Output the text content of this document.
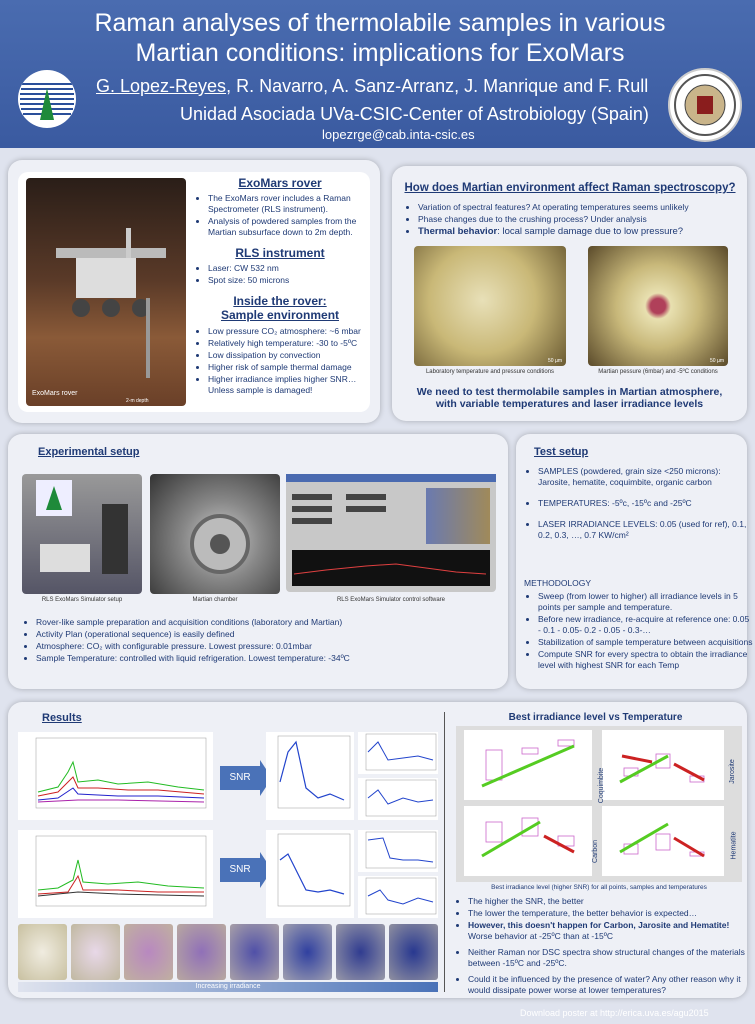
Raman analyses of thermolabile samples in various
Martian conditions: implications for ExoMars
G. Lopez-Reyes, R. Navarro, A. Sanz-Arranz, J. Manrique and F. Rull
Unidad Asociada UVa-CSIC-Center of Astrobiology (Spain)
lopezrge@cab.inta-csic.es
ExoMars rover
2-m depth
ExoMars rover
• The ExoMars rover includes a Raman Spectrometer (RLS instrument).
• Analysis of powdered samples from the Martian subsurface down to 2m depth.
RLS instrument
• Laser: CW 532 nm
• Spot size: 50 microns
Inside the rover:
Sample environment
• Low pressure CO₂ atmosphere: ~6 mbar
• Relatively high temperature: -30 to -5ºC
• Low dissipation by convection
• Higher risk of sample thermal damage
• Higher irradiance implies higher SNR… Unless sample is damaged!
How does Martian environment affect Raman spectroscopy?
• Variation of spectral features? At operating temperatures seems unlikely
• Phase changes due to the crushing process? Under analysis
• Thermal behavior: local sample damage due to low pressure?
50 µm	50 µm
Laboratory temperature and pressure conditions	Martian pessure (6mbar) and -5ºC conditions
We need to test thermolabile samples in Martian atmosphere,
with variable temperatures and laser irradiance levels
Experimental setup
RLS ExoMars Simulator setup	Martian chamber	RLS ExoMars Simulator control software
• Rover-like sample preparation and acquisition conditions (laboratory and Martian)
• Activity Plan (operational sequence) is easily defined
• Atmosphere: CO₂ with configurable pressure. Lowest pressure: 0.01mbar
• Sample Temperature: controlled with liquid refrigeration. Lowest temperature: -34ºC
Test setup
• SAMPLES (powdered, grain size <250 microns): Jarosite, hematite, coquimbite, organic carbon
• TEMPERATURES: -5ºc, -15ºc and -25ºC
• LASER IRRADIANCE LEVELS: 0.05 (used for ref), 0.1, 0.2, 0.3, …, 0.7 KW/cm²
METHODOLOGY
• Sweep (from lower to higher) all irradiance levels in 5 points per sample and temperature.
• Before new irradiance, re-acquire at reference one: 0.05 - 0.1 - 0.05- 0.2 - 0.05 - 0.3-…
• Stabilization of sample temperature between acquisitions
• Compute SNR for every spectra to obtain the irradiance level with highest SNR for each Temp
Results
SNR
SNR
Increasing irradiance
Best irradiance level vs Temperature
Coquimbite	Jarosite
Carbon	Hematite
Best irradiance level (higher SNR) for all points, samples and temperatures
• The higher the SNR, the better
• The lower the temperature, the better behavior is expected…
• However, this doesn't happen for Carbon, Jarosite and Hematite! Worse behavior at -25ºC than at -15ºC
• Neither Raman nor DSC spectra show structural changes of the materials between -15ºC and -25ºC.
• Could it be influenced by the presence of water? Any other reason why it would dissipate power worse at lower temperatures?
Download poster at http://erica.uva.es/agu2015
